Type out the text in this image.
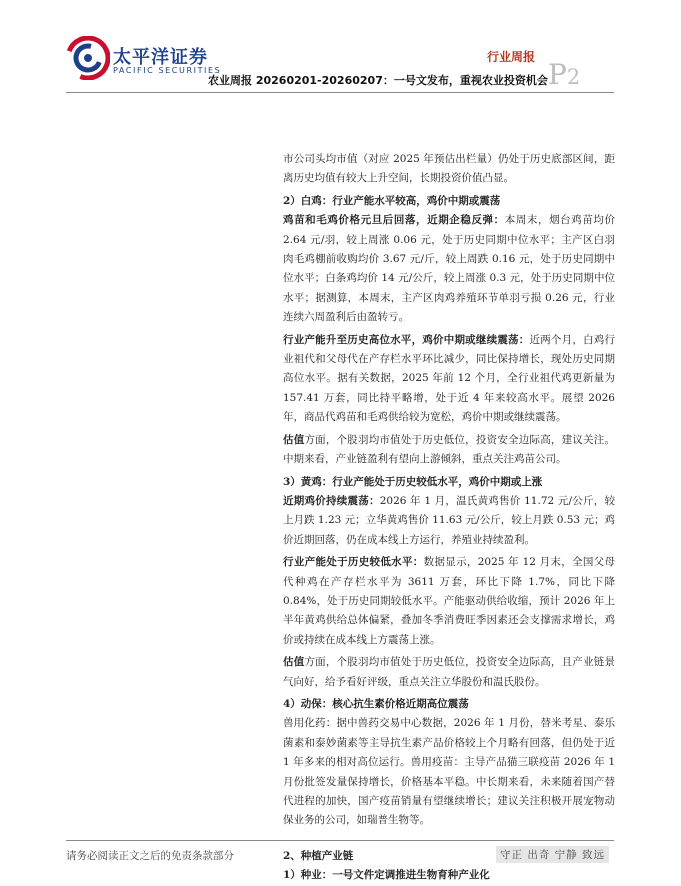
太平洋证券
PACIFIC SECURITIES
行业周报
农业周报 20260201-20260207：一号文发布，重视农业投资机会 P2

市公司头均市值（对应 2025 年预估出栏量）仍处于历史底部区间，距离历史均值有较大上升空间，长期投资价值凸显。

2）白鸡：行业产能水平较高，鸡价中期或震荡

鸡苗和毛鸡价格元旦后回落，近期企稳反弹：本周末，烟台鸡苗均价 2.64 元/羽，较上周涨 0.06 元，处于历史同期中位水平；主产区白羽肉毛鸡棚前收购均价 3.67 元/斤，较上周跌 0.16 元，处于历史同期中位水平；白条鸡均价 14 元/公斤，较上周涨 0.3 元，处于历史同期中位水平；据测算，本周末，主产区肉鸡养殖环节单羽亏损 0.26 元，行业连续六周盈利后由盈转亏。

行业产能升至历史高位水平，鸡价中期或继续震荡：近两个月，白鸡行业祖代和父母代在产存栏水平环比减少，同比保持增长，现处历史同期高位水平。据有关数据，2025 年前 12 个月，全行业祖代鸡更新量为 157.41 万套，同比持平略增，处于近 4 年来较高水平。展望 2026 年，商品代鸡苗和毛鸡供给较为宽松，鸡价中期或继续震荡。

估值方面，个股羽均市值处于历史低位，投资安全边际高，建议关注。中期来看，产业链盈利有望向上游倾斜，重点关注鸡苗公司。

3）黄鸡：行业产能处于历史较低水平，鸡价中期或上涨

近期鸡价持续震荡：2026 年 1 月，温氏黄鸡售价 11.72 元/公斤，较上月跌 1.23 元；立华黄鸡售价 11.63 元/公斤，较上月跌 0.53 元；鸡价近期回落，仍在成本线上方运行，养殖业持续盈利。

行业产能处于历史较低水平：数据显示，2025 年 12 月末，全国父母代种鸡在产存栏水平为 3611 万套，环比下降 1.7%，同比下降 0.84%，处于历史同期较低水平。产能驱动供给收缩，预计 2026 年上半年黄鸡供给总体偏紧，叠加冬季消费旺季因素还会支撑需求增长，鸡价或持续在成本线上方震荡上涨。

估值方面，个股羽均市值处于历史低位，投资安全边际高，且产业链景气向好，给予看好评级，重点关注立华股份和温氏股份。

4）动保：核心抗生素价格近期高位震荡

兽用化药：据中兽药交易中心数据，2026 年 1 月份，替米考星、泰乐菌素和泰妙菌素等主导抗生素产品价格较上个月略有回落，但仍处于近 1 年多来的相对高位运行。兽用疫苗：主导产品猫三联疫苗 2026 年 1 月份批签发量保持增长，价格基本平稳。中长期来看，未来随着国产替代进程的加快，国产疫苗销量有望继续增长；建议关注积极开展宠物动保业务的公司，如瑞普生物等。

2、种植产业链

1）种业：一号文件定调推进生物育种产业化

请务必阅读正文之后的免责条款部分	守正 出奇 宁静 致远
